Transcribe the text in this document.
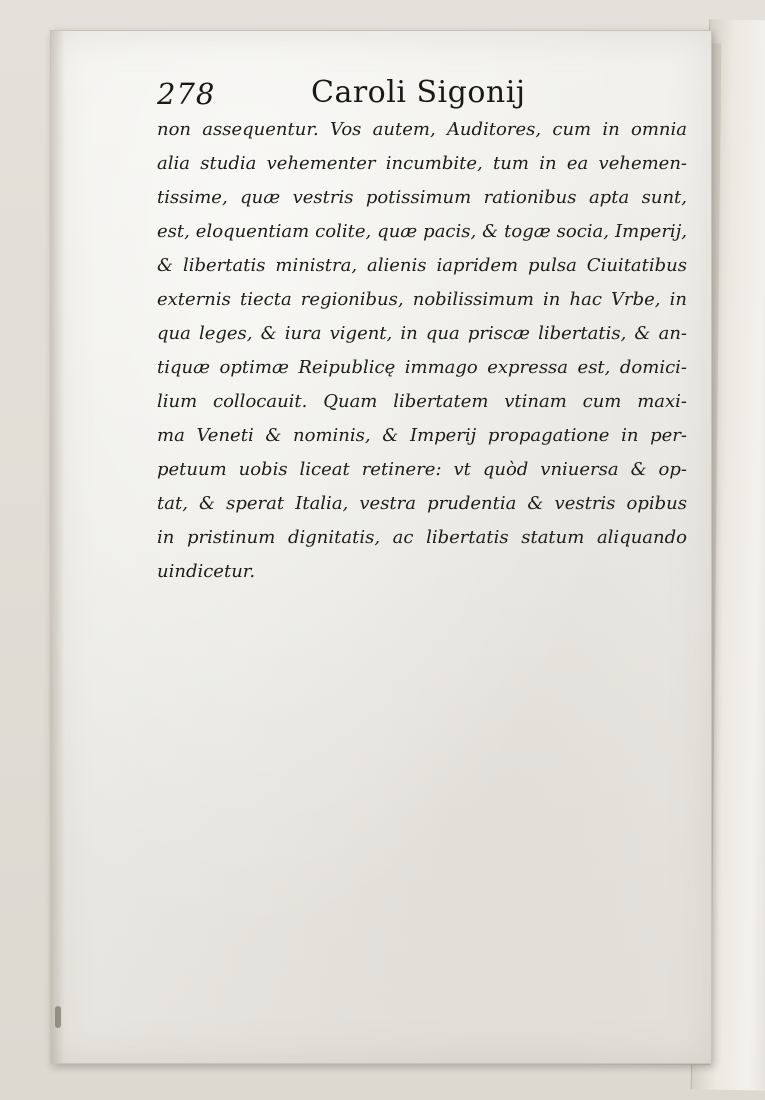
278	Caroli Sigonij
non assequentur. Vos autem, Auditores, cum in omnia
alia studia vehementer incumbite, tum in ea vehemen-
tissime, quæ vestris potissimum rationibus apta sunt,
est, eloquentiam colite, quæ pacis, & togæ socia, Imperij,
& libertatis ministra, alienis iapridem pulsa Ciuitatibus
externis tiecta regionibus, nobilissimum in hac Vrbe, in
qua leges, & iura vigent, in qua priscæ libertatis, & an-
tiquæ optimæ Reipublicę immago expressa est, domici-
lium collocauit. Quam libertatem vtinam cum maxi-
ma Veneti & nominis, & Imperij propagatione in per-
petuum uobis liceat retinere: vt quòd vniuersa & op-
tat, & sperat Italia, vestra prudentia & vestris opibus
in pristinum dignitatis, ac libertatis statum aliquando
uindicetur.
